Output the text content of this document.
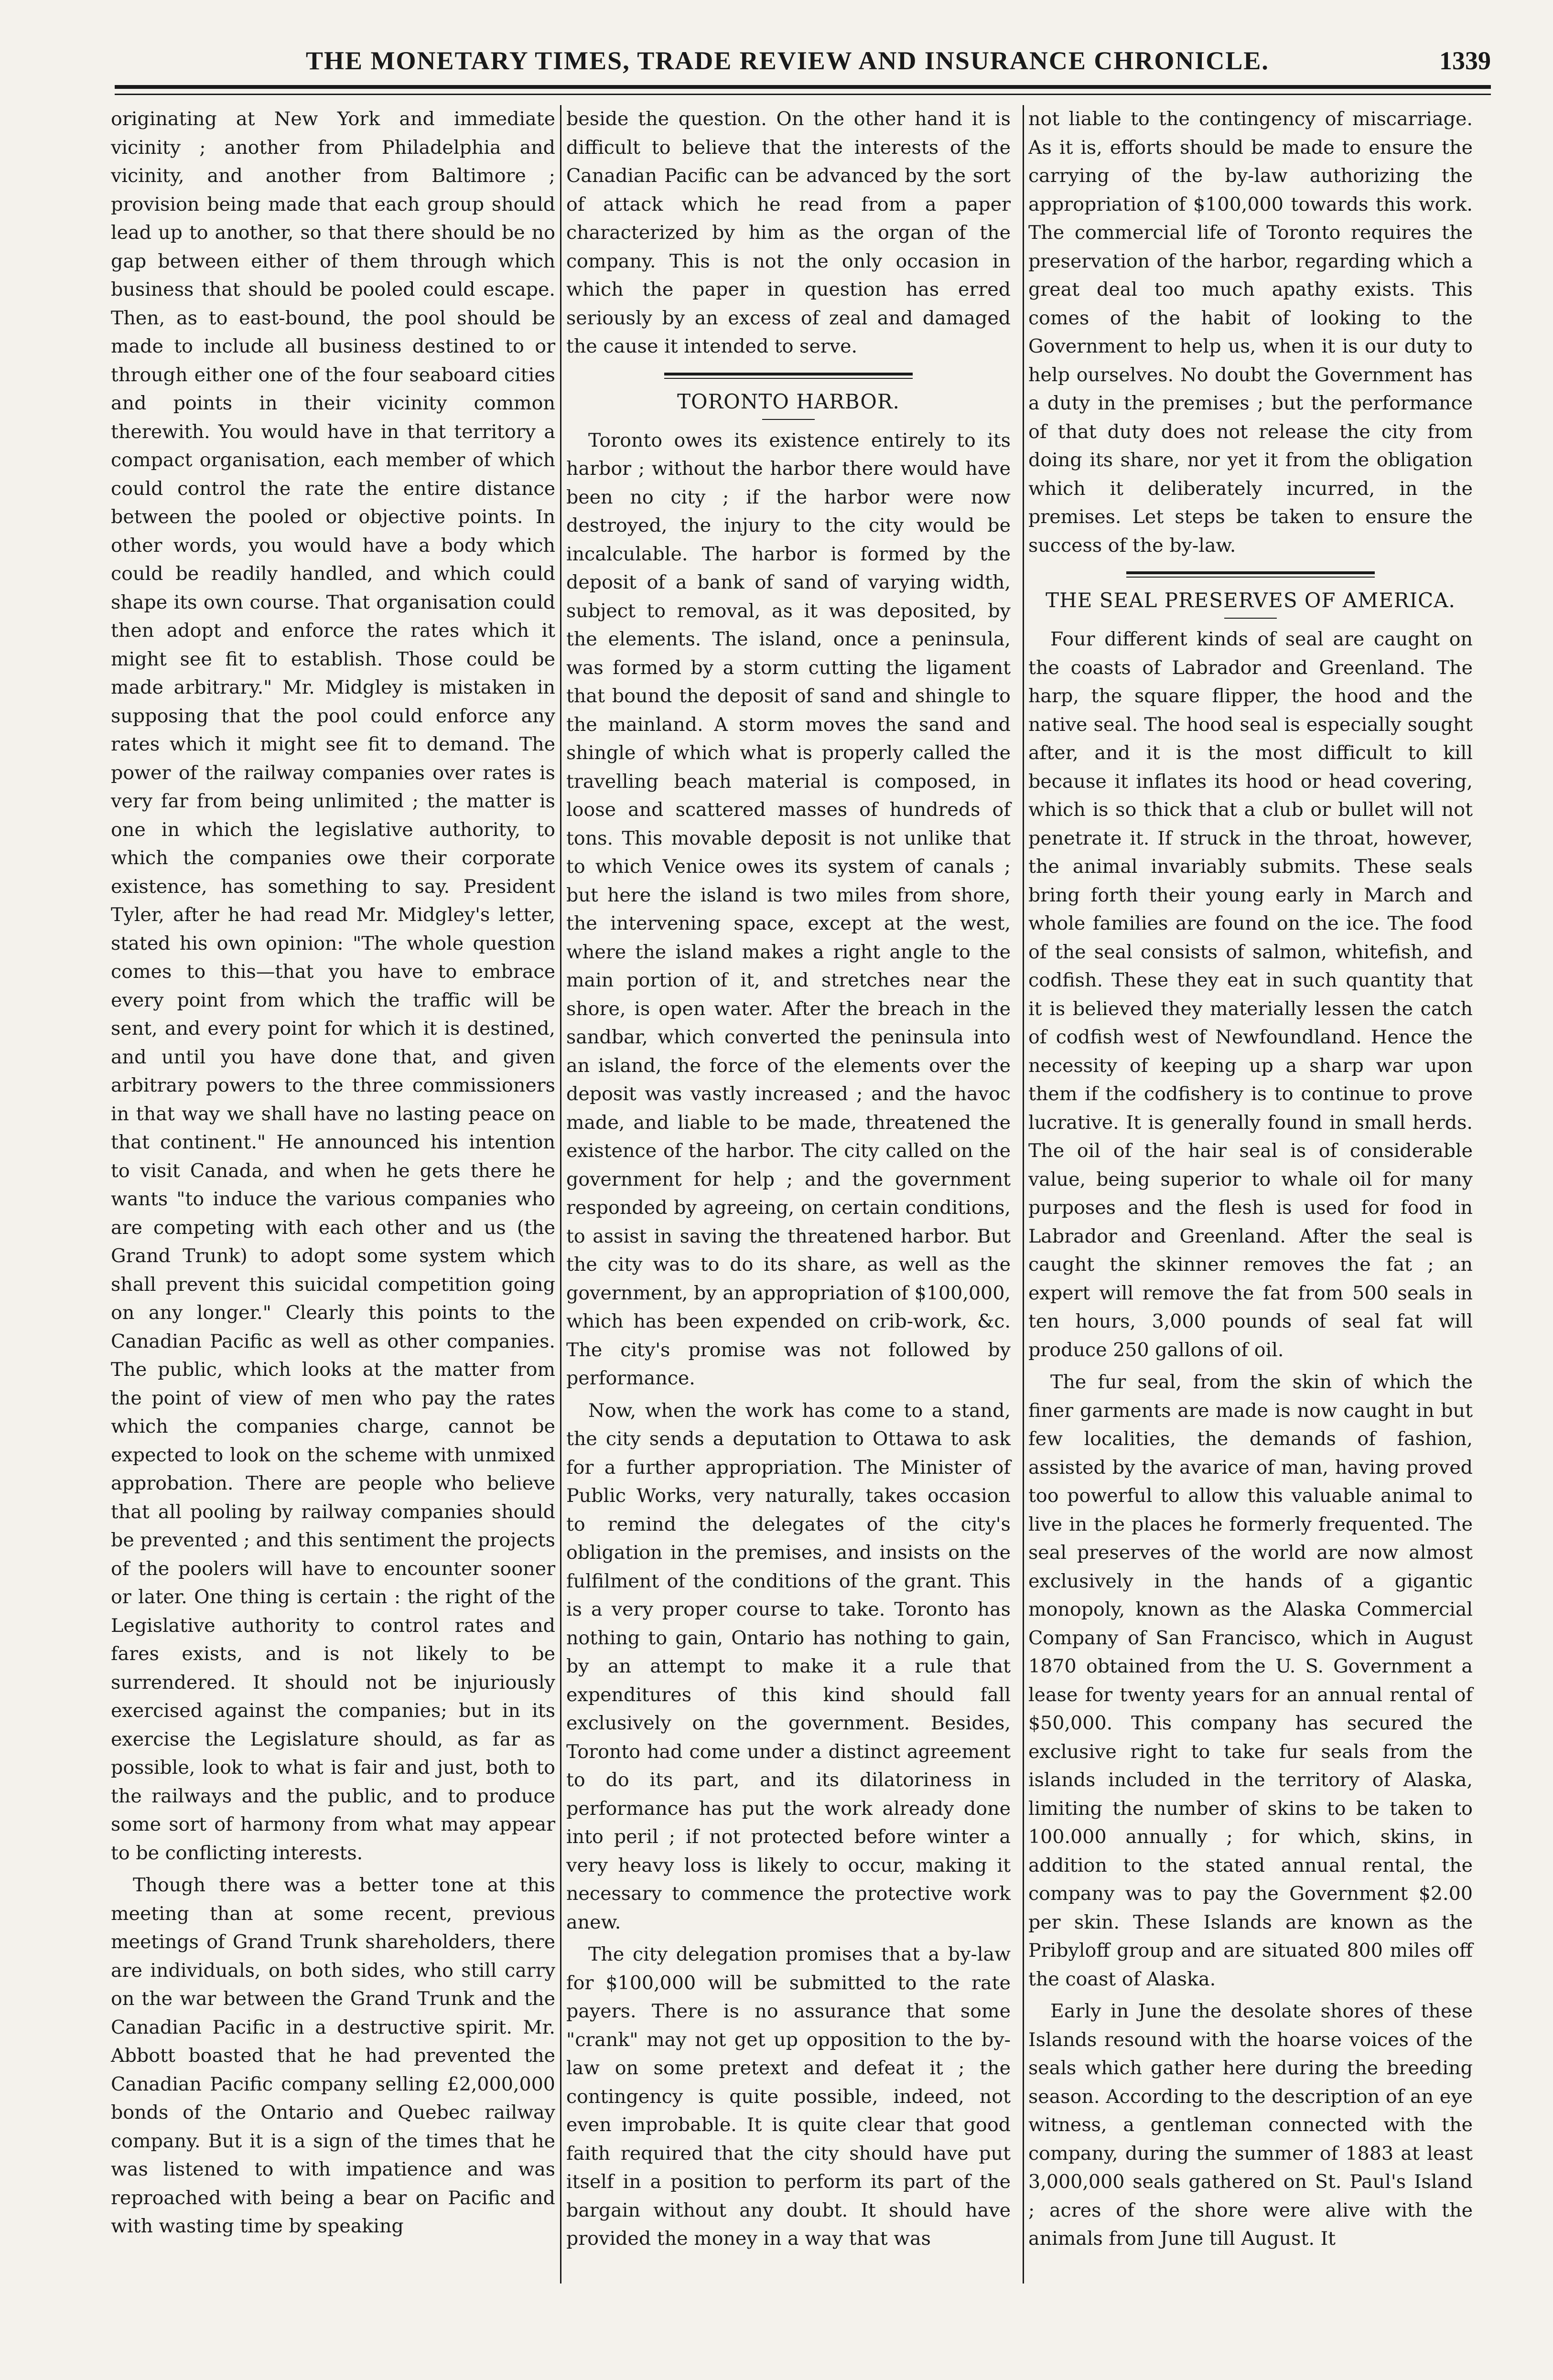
THE MONETARY TIMES, TRADE REVIEW AND INSURANCE CHRONICLE.	1339

originating at New York and immediate vicinity ; another from Philadelphia and vicinity, and another from Baltimore ; provision being made that each group should lead up to another, so that there should be no gap between either of them through which business that should be pooled could escape. Then, as to east-bound, the pool should be made to include all business destined to or through either one of the four seaboard cities and points in their vicinity common therewith. You would have in that territory a compact organisation, each member of which could control the rate the entire distance between the pooled or objective points. In other words, you would have a body which could be readily handled, and which could shape its own course. That organisation could then adopt and enforce the rates which it might see fit to establish. Those could be made arbitrary." Mr. Midgley is mistaken in supposing that the pool could enforce any rates which it might see fit to demand. The power of the railway companies over rates is very far from being unlimited ; the matter is one in which the legislative authority, to which the companies owe their corporate existence, has something to say. President Tyler, after he had read Mr. Midgley's letter, stated his own opinion: "The whole question comes to this—that you have to embrace every point from which the traffic will be sent, and every point for which it is destined, and until you have done that, and given arbitrary powers to the three commissioners in that way we shall have no lasting peace on that continent." He announced his intention to visit Canada, and when he gets there he wants "to induce the various companies who are competing with each other and us (the Grand Trunk) to adopt some system which shall prevent this suicidal competition going on any longer." Clearly this points to the Canadian Pacific as well as other companies. The public, which looks at the matter from the point of view of men who pay the rates which the companies charge, cannot be expected to look on the scheme with unmixed approbation. There are people who believe that all pooling by railway companies should be prevented ; and this sentiment the projects of the poolers will have to encounter sooner or later. One thing is certain : the right of the Legislative authority to control rates and fares exists, and is not likely to be surrendered. It should not be injuriously exercised against the companies; but in its exercise the Legislature should, as far as possible, look to what is fair and just, both to the railways and the public, and to produce some sort of harmony from what may appear to be conflicting interests.

Though there was a better tone at this meeting than at some recent, previous meetings of Grand Trunk shareholders, there are individuals, on both sides, who still carry on the war between the Grand Trunk and the Canadian Pacific in a destructive spirit. Mr. Abbott boasted that he had prevented the Canadian Pacific company selling £2,000,000 bonds of the Ontario and Quebec railway company. But it is a sign of the times that he was listened to with impatience and was reproached with being a bear on Pacific and with wasting time by speaking

beside the question. On the other hand it is difficult to believe that the interests of the Canadian Pacific can be advanced by the sort of attack which he read from a paper characterized by him as the organ of the company. This is not the only occasion in which the paper in question has erred seriously by an excess of zeal and damaged the cause it intended to serve.

TORONTO HARBOR.

Toronto owes its existence entirely to its harbor ; without the harbor there would have been no city ; if the harbor were now destroyed, the injury to the city would be incalculable. The harbor is formed by the deposit of a bank of sand of varying width, subject to removal, as it was deposited, by the elements. The island, once a peninsula, was formed by a storm cutting the ligament that bound the deposit of sand and shingle to the mainland. A storm moves the sand and shingle of which what is properly called the travelling beach material is composed, in loose and scattered masses of hundreds of tons. This movable deposit is not unlike that to which Venice owes its system of canals ; but here the island is two miles from shore, the intervening space, except at the west, where the island makes a right angle to the main portion of it, and stretches near the shore, is open water. After the breach in the sandbar, which converted the peninsula into an island, the force of the elements over the deposit was vastly increased ; and the havoc made, and liable to be made, threatened the existence of the harbor. The city called on the government for help ; and the government responded by agreeing, on certain conditions, to assist in saving the threatened harbor. But the city was to do its share, as well as the government, by an appropriation of $100,000, which has been expended on crib-work, &c. The city's promise was not followed by performance.

Now, when the work has come to a stand, the city sends a deputation to Ottawa to ask for a further appropriation. The Minister of Public Works, very naturally, takes occasion to remind the delegates of the city's obligation in the premises, and insists on the fulfilment of the conditions of the grant. This is a very proper course to take. Toronto has nothing to gain, Ontario has nothing to gain, by an attempt to make it a rule that expenditures of this kind should fall exclusively on the government. Besides, Toronto had come under a distinct agreement to do its part, and its dilatoriness in performance has put the work already done into peril ; if not protected before winter a very heavy loss is likely to occur, making it necessary to commence the protective work anew.

The city delegation promises that a by-law for $100,000 will be submitted to the rate payers. There is no assurance that some "crank" may not get up opposition to the by-law on some pretext and defeat it ; the contingency is quite possible, indeed, not even improbable. It is quite clear that good faith required that the city should have put itself in a position to perform its part of the bargain without any doubt. It should have provided the money in a way that was

not liable to the contingency of miscarriage. As it is, efforts should be made to ensure the carrying of the by-law authorizing the appropriation of $100,000 towards this work. The commercial life of Toronto requires the preservation of the harbor, regarding which a great deal too much apathy exists. This comes of the habit of looking to the Government to help us, when it is our duty to help ourselves. No doubt the Government has a duty in the premises ; but the performance of that duty does not release the city from doing its share, nor yet it from the obligation which it deliberately incurred, in the premises. Let steps be taken to ensure the success of the by-law.

THE SEAL PRESERVES OF AMERICA.

Four different kinds of seal are caught on the coasts of Labrador and Greenland. The harp, the square flipper, the hood and the native seal. The hood seal is especially sought after, and it is the most difficult to kill because it inflates its hood or head covering, which is so thick that a club or bullet will not penetrate it. If struck in the throat, however, the animal invariably submits. These seals bring forth their young early in March and whole families are found on the ice. The food of the seal consists of salmon, whitefish, and codfish. These they eat in such quantity that it is believed they materially lessen the catch of codfish west of Newfoundland. Hence the necessity of keeping up a sharp war upon them if the codfishery is to continue to prove lucrative. It is generally found in small herds. The oil of the hair seal is of considerable value, being superior to whale oil for many purposes and the flesh is used for food in Labrador and Greenland. After the seal is caught the skinner removes the fat ; an expert will remove the fat from 500 seals in ten hours, 3,000 pounds of seal fat will produce 250 gallons of oil.

The fur seal, from the skin of which the finer garments are made is now caught in but few localities, the demands of fashion, assisted by the avarice of man, having proved too powerful to allow this valuable animal to live in the places he formerly frequented. The seal preserves of the world are now almost exclusively in the hands of a gigantic monopoly, known as the Alaska Commercial Company of San Francisco, which in August 1870 obtained from the U. S. Government a lease for twenty years for an annual rental of $50,000. This company has secured the exclusive right to take fur seals from the islands included in the territory of Alaska, limiting the number of skins to be taken to 100.000 annually ; for which, skins, in addition to the stated annual rental, the company was to pay the Government $2.00 per skin. These Islands are known as the Pribyloff group and are situated 800 miles off the coast of Alaska.

Early in June the desolate shores of these Islands resound with the hoarse voices of the seals which gather here during the breeding season. According to the description of an eye witness, a gentleman connected with the company, during the summer of 1883 at least 3,000,000 seals gathered on St. Paul's Island ; acres of the shore were alive with the animals from June till August. It
